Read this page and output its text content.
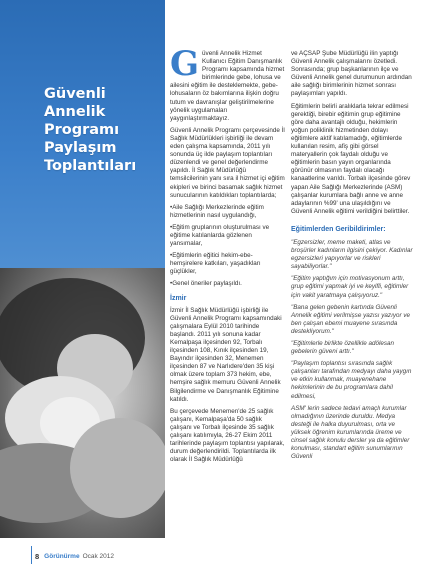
Güvenli
Annelik
Programı
Paylaşım
Toplantıları
G üvenli Annelik Hizmet Kullanıcı Eğitim Danışmanlık Programı kapsamında hizmet birimlerinde gebe, lohusa ve ailesini eğitim ile desteklemekte, gebe-lohusaların öz bakımlarına ilişkin doğru tutum ve davranışlar geliştirilmelerine yönelik uygulamaları yaygınlaştırmaktayız.

Güvenli Annelik Programı çerçevesinde İl Sağlık Müdürlükleri işbirliği ile devam eden çalışma kapsamında, 2011 yılı sonunda üç ilde paylaşım toplantıları düzenlendi ve genel değerlendirme yapıldı. İl Sağlık Müdürlüğü temsilcilerinin yanı sıra il hizmet içi eğitim ekipleri ve birinci basamak sağlık hizmet sunucularının katıldıkları toplantılarda;

•Aile Sağlığı Merkezlerinde eğitim hizmetlerinin nasıl uygulandığı,

•Eğitim gruplarının oluşturulması ve eğitime katılanlarda gözlenen yansımalar,

•Eğitimlerin eğitici hekim-ebe-hemşirelere katkıları, yaşadıkları güçlükler,

•Genel öneriler paylaşıldı.

İzmir

İzmir İl Sağlık Müdürlüğü işbirliği ile Güvenli Annelik Programı kapsamındaki çalışmalara Eylül 2010 tarihinde başlandı. 2011 yılı sonuna kadar Kemalpaşa ilçesinden 92, Torbalı ilçesinden 108, Kınık ilçesinden 19, Bayındır ilçesinden 32, Menemen ilçesinden 87 ve Narlıdere'den 35 kişi olmak üzere toplam 373 hekim, ebe, hemşire sağlık memuru Güvenli Annelik Bilgilendirme ve Danışmanlık Eğitimine katıldı.

Bu çerçevede Menemen'de 25 sağlık çalışanı, Kemalpaşa'da 50 sağlık çalışanı ve Torbalı ilçesinde 35 sağlık çalışanı katılımıyla, 26-27 Ekim 2011 tarihlerinde paylaşım toplantısı yapılarak, durum değerlendirildi. Toplantılarda ilk olarak İl Sağlık Müdürlüğü

ve AÇSAP Şube Müdürlüğü ilin yaptığı Güvenli Annelik çalışmalarını özetledi. Sonrasında; grup başkanlarının ilçe ve Güvenli Annelik genel durumunun ardından aile sağlığı birimlerinin hizmet sonrası paylaşımları yapıldı.

Eğitimlerin belirli aralıklarla tekrar edilmesi gerektiği, birebir eğitimin grup eğitimine göre daha avantajlı olduğu, hekimlerin yoğun poliklinik hizmetinden dolayı eğitimlere aktif katılamadığı, eğitimlerde kullanılan resim, afiş gibi görsel materyallerin çok faydalı olduğu ve eğitimlerin basın yayın organlarında görünür olmasının faydalı olacağı kanaatlerine varıldı. Torbalı ilçesinde görev yapan Aile Sağlığı Merkezlerinde (ASM) çalışanlar kurumlara bağlı anne ve anne adaylarının %99' una ulaşıldığını ve Güvenli Annelik eğitimi verildiğini belirttiler.

Eğitimlerden Geribildirimler:

"Egzersizler, meme maketi, atlas ve broşürler kadınların ilgisini çekiyor. Kadınlar egzersizleri yapıyorlar ve riskleri sayabiliyorlar."

"Eğitim yaptığım için motivasyonum arttı, grup eğitimi yapmak iyi ve keyifli, eğitimler için vakit yaratmaya çalışıyoruz."

"Bana gelen gebenin kartında Güvenli Annelik eğitimi verilmişse yazısı yazıyor ve ben çalışan ebemi muayene sırasında destekliyorum."

"Eğitimlerle birlikte özellikle adölesan gebelerin güveni arttı."

"Paylaşım toplantısı sırasında sağlık çalışanları tarafından medyayı daha yaygın ve etkin kullanmak, muayenehane hekimlerinin de bu programlara dahil edilmesi,

ASM' lerin sadece tedavi amaçlı kurumlar olmadığının üzerinde duruldu. Medya desteği ile halka duyurulması, orta ve yüksek öğrenim kurumlarında üreme ve cinsel sağlık konulu dersler ya da eğitimler konulması, standart eğitim sunumlarının Güvenli

8 Görünürme Ocak 2012
